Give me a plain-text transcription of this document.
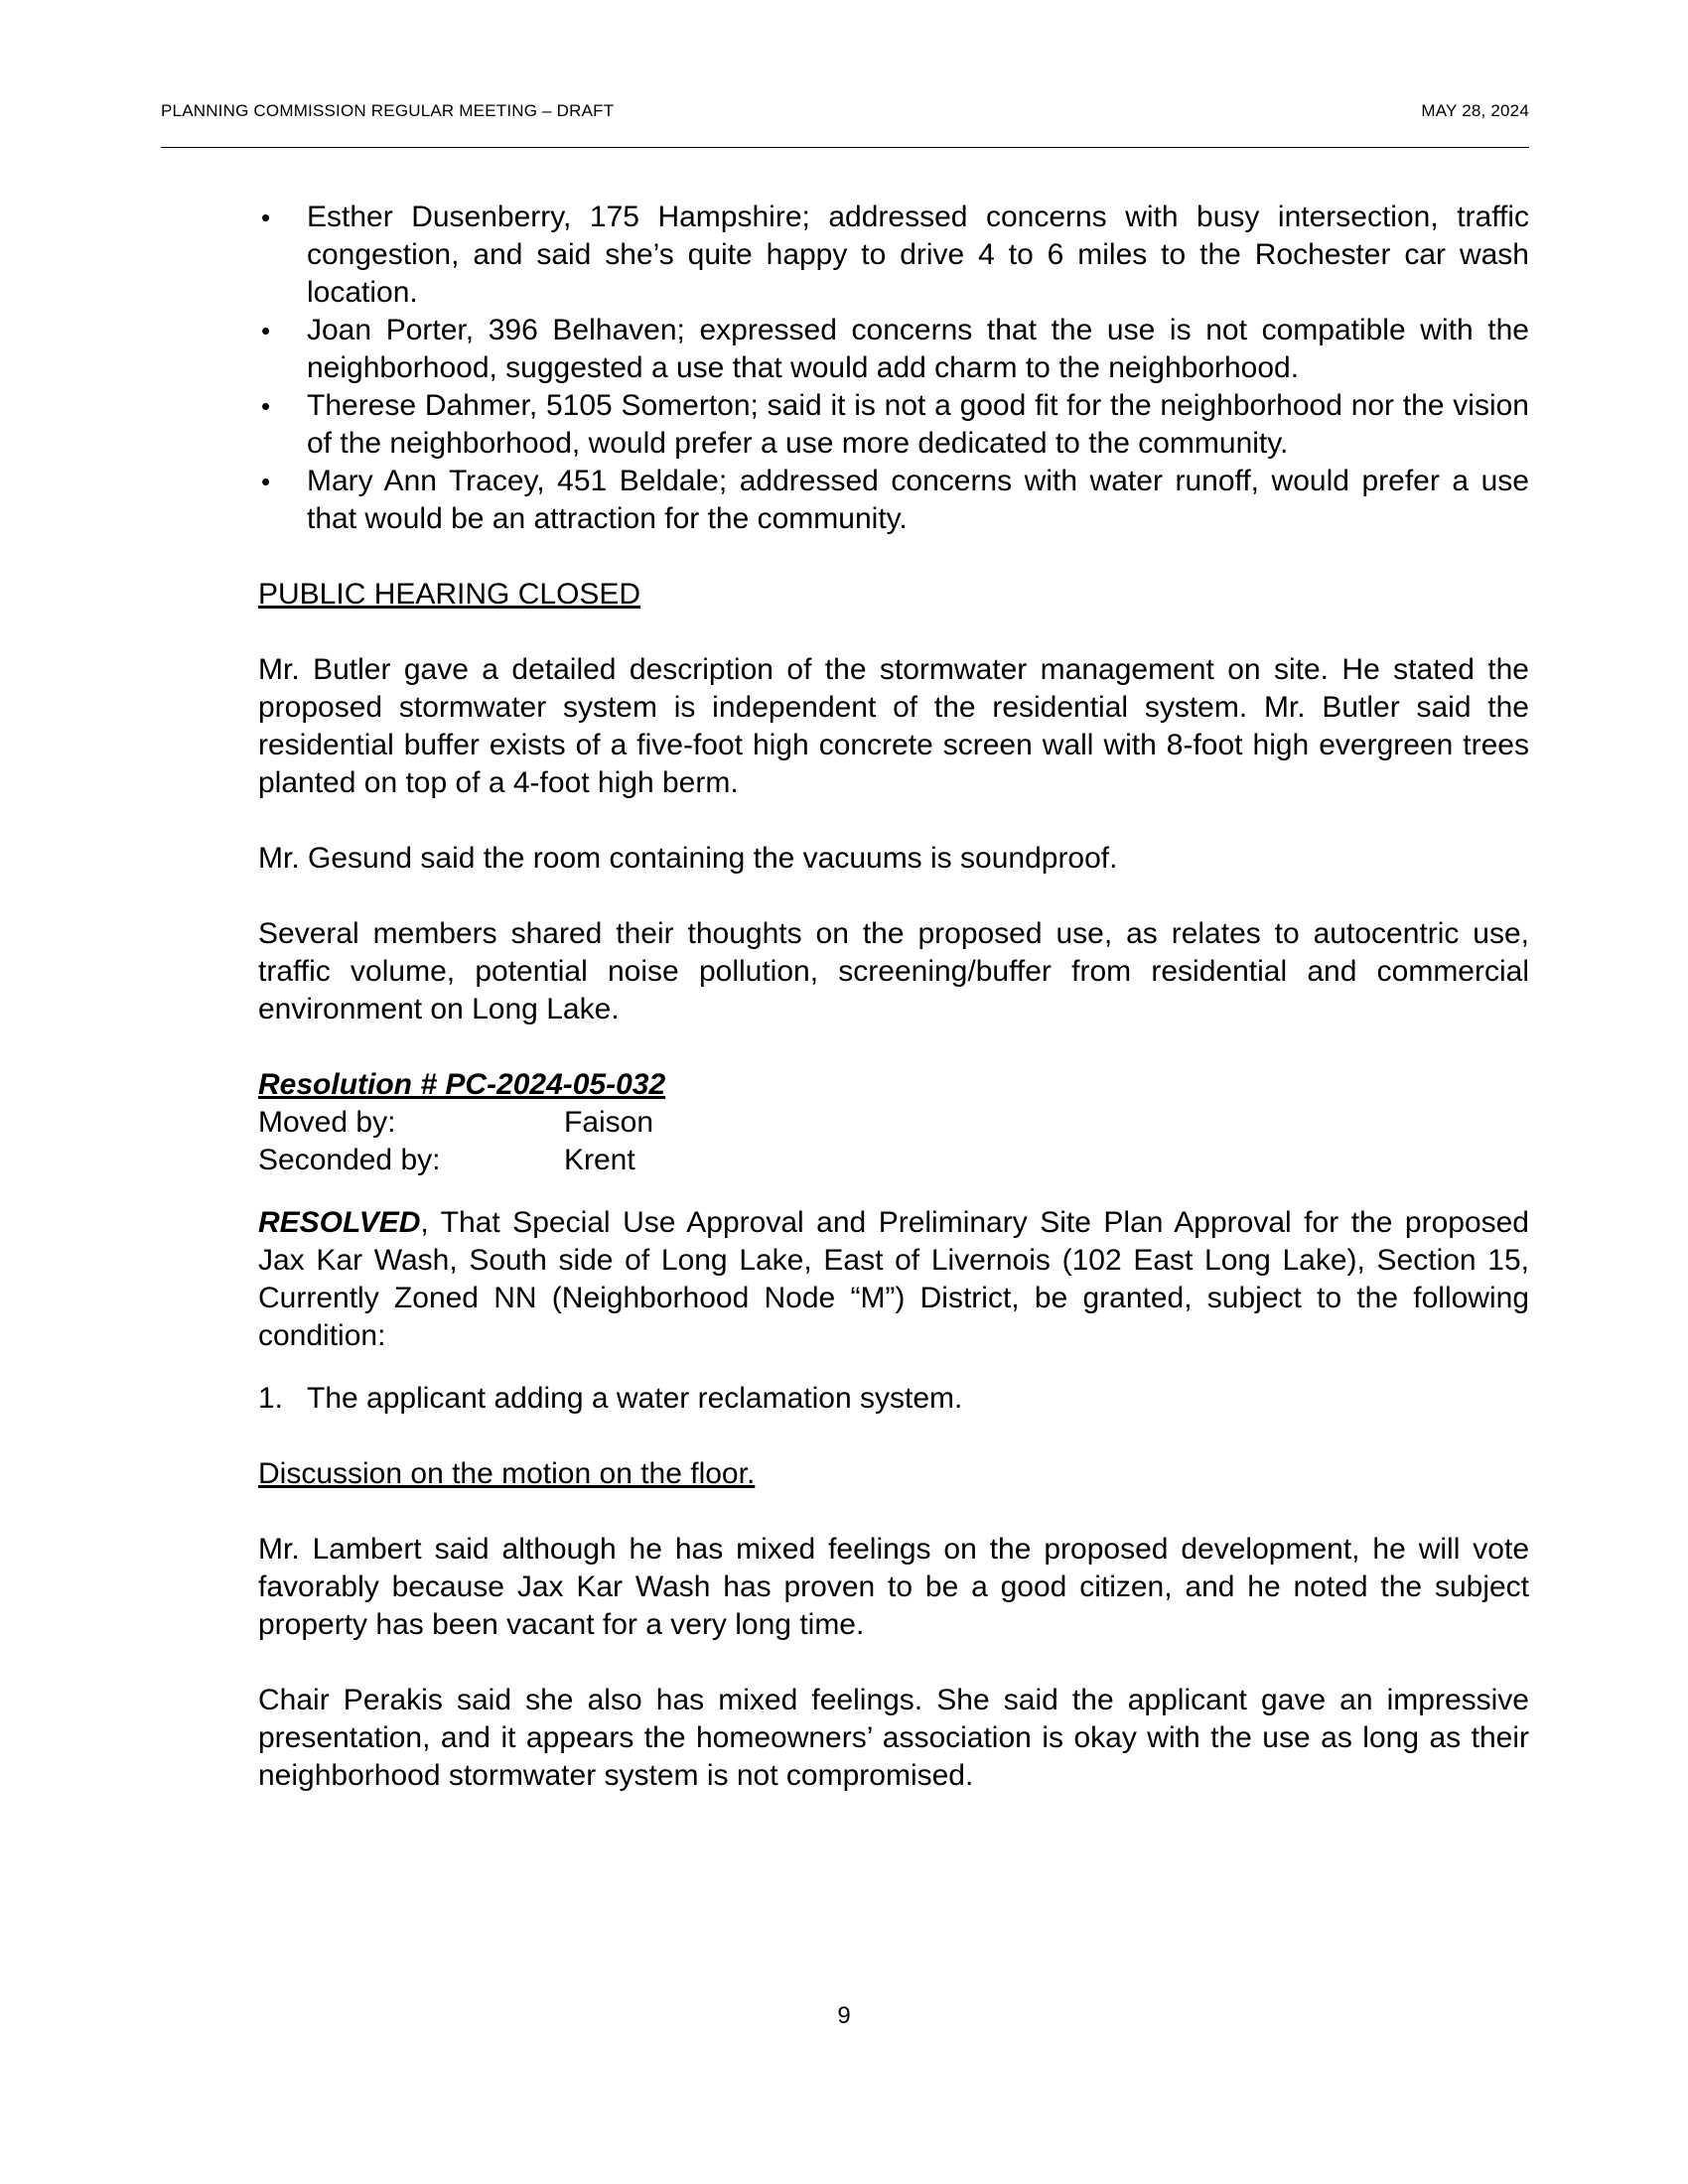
PLANNING COMMISSION REGULAR MEETING – DRAFT	MAY 28, 2024
• Esther Dusenberry, 175 Hampshire; addressed concerns with busy intersection, traffic congestion, and said she’s quite happy to drive 4 to 6 miles to the Rochester car wash location.
• Joan Porter, 396 Belhaven; expressed concerns that the use is not compatible with the neighborhood, suggested a use that would add charm to the neighborhood.
• Therese Dahmer, 5105 Somerton; said it is not a good fit for the neighborhood nor the vision of the neighborhood, would prefer a use more dedicated to the community.
• Mary Ann Tracey, 451 Beldale; addressed concerns with water runoff, would prefer a use that would be an attraction for the community.

PUBLIC HEARING CLOSED

Mr. Butler gave a detailed description of the stormwater management on site. He stated the proposed stormwater system is independent of the residential system. Mr. Butler said the residential buffer exists of a five-foot high concrete screen wall with 8-foot high evergreen trees planted on top of a 4-foot high berm.

Mr. Gesund said the room containing the vacuums is soundproof.

Several members shared their thoughts on the proposed use, as relates to autocentric use, traffic volume, potential noise pollution, screening/buffer from residential and commercial environment on Long Lake.

Resolution # PC-2024-05-032

Moved by:	Faison
Seconded by:	Krent

RESOLVED, That Special Use Approval and Preliminary Site Plan Approval for the proposed Jax Kar Wash, South side of Long Lake, East of Livernois (102 East Long Lake), Section 15, Currently Zoned NN (Neighborhood Node “M”) District, be granted, subject to the following condition:

1. The applicant adding a water reclamation system.

Discussion on the motion on the floor.

Mr. Lambert said although he has mixed feelings on the proposed development, he will vote favorably because Jax Kar Wash has proven to be a good citizen, and he noted the subject property has been vacant for a very long time.

Chair Perakis said she also has mixed feelings. She said the applicant gave an impressive presentation, and it appears the homeowners’ association is okay with the use as long as their neighborhood stormwater system is not compromised.

9
